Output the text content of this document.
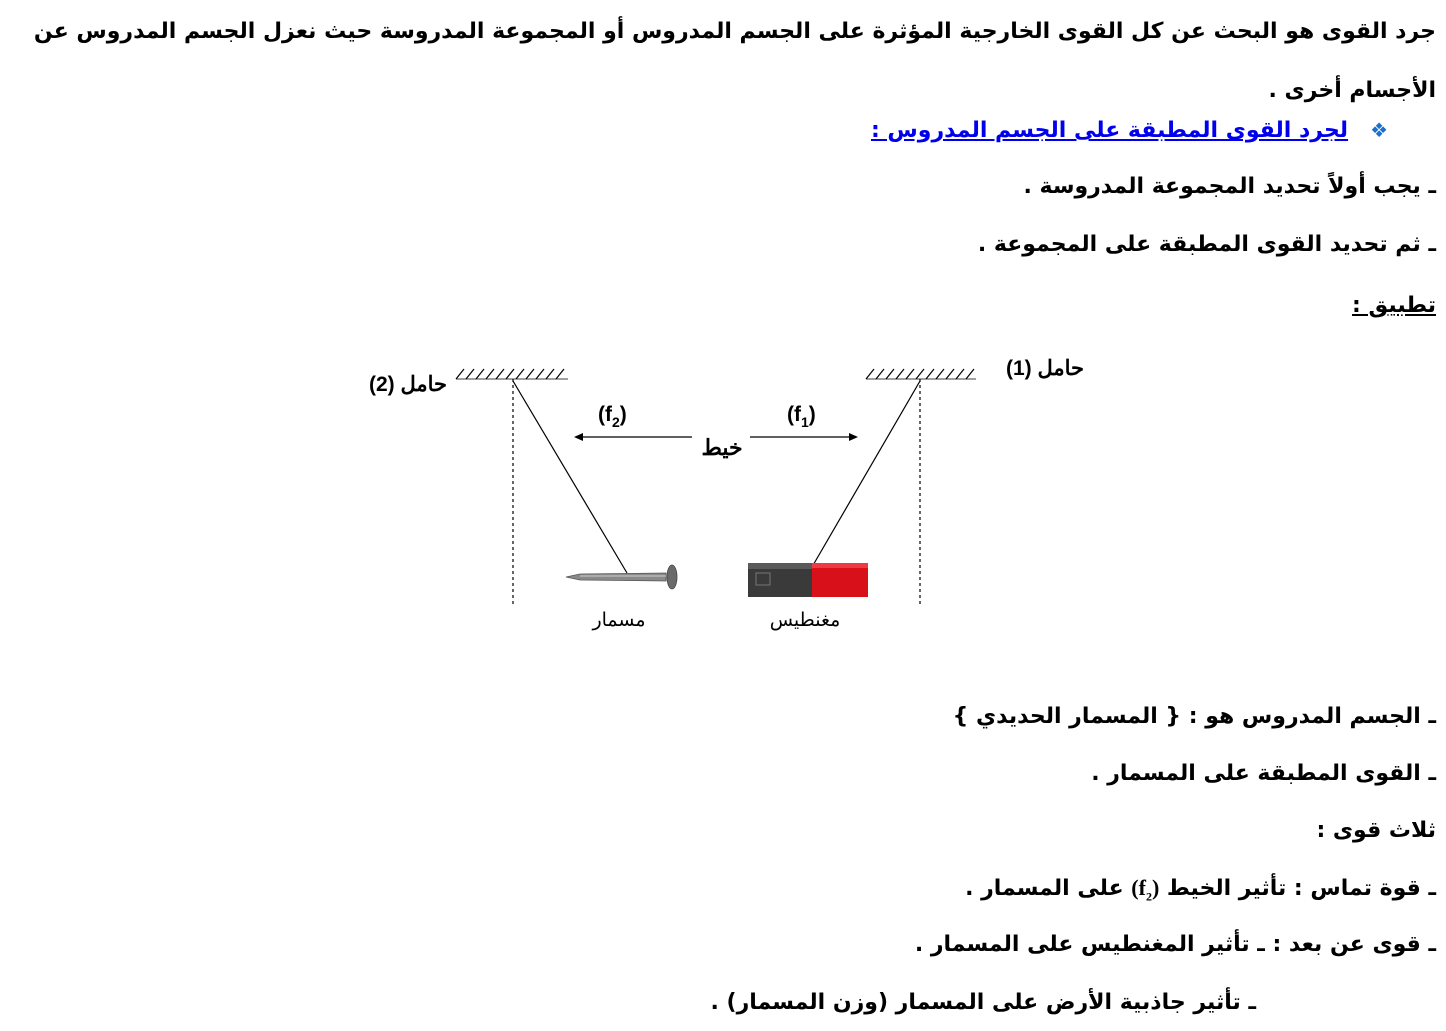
جرد القوى هو البحث عن كل القوى الخارجية المؤثرة على الجسم المدروس أو المجموعة المدروسة حيث نعزل الجسم المدروس عن الأجسام أخرى .
❖لجرد القوى المطبقة على الجسم المدروس :
ـ يجب أولاً تحديد المجموعة المدروسة .
ـ ثم تحديد القوى المطبقة على المجموعة .
تطبيق :
حامل (2)
حامل (1)
$(f_2)$	$(f_1)$
خيط
مغنطيس
مسمار
ـ الجسم المدروس هو : { المسمار الحديدي }
ـ القوى المطبقة على المسمار .
ثلاث قوى :
ـ قوة تماس : تأثير الخيط $(f_2)$ على المسمار .
ـ قوى عن بعد : ـ تأثير المغنطيس على المسمار .
ـ تأثير جاذبية الأرض على المسمار (وزن المسمار) .
